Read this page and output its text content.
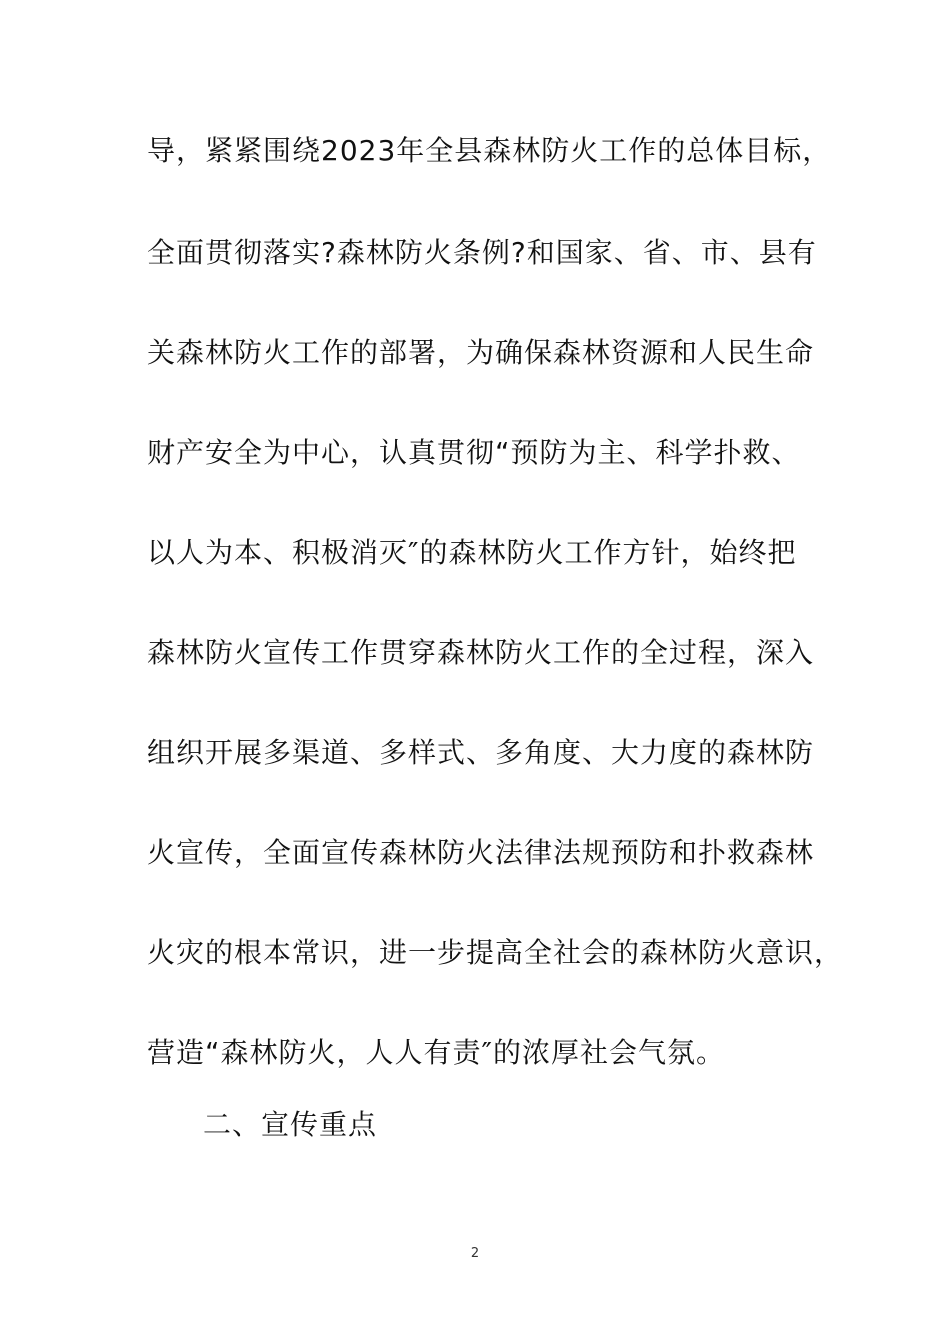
导，紧紧围绕2023年全县森林防火工作的总体目标，
全面贯彻落实?森林防火条例?和国家、省、市、县有
关森林防火工作的部署，为确保森林资源和人民生命
财产安全为中心，认真贯彻“预防为主、科学扑救、
以人为本、积极消灭″的森林防火工作方针，始终把
森林防火宣传工作贯穿森林防火工作的全过程，深入
组织开展多渠道、多样式、多角度、大力度的森林防
火宣传，全面宣传森林防火法律法规预防和扑救森林
火灾的根本常识，进一步提高全社会的森林防火意识，
营造“森林防火，人人有责″的浓厚社会气氛。
二、宣传重点
2
